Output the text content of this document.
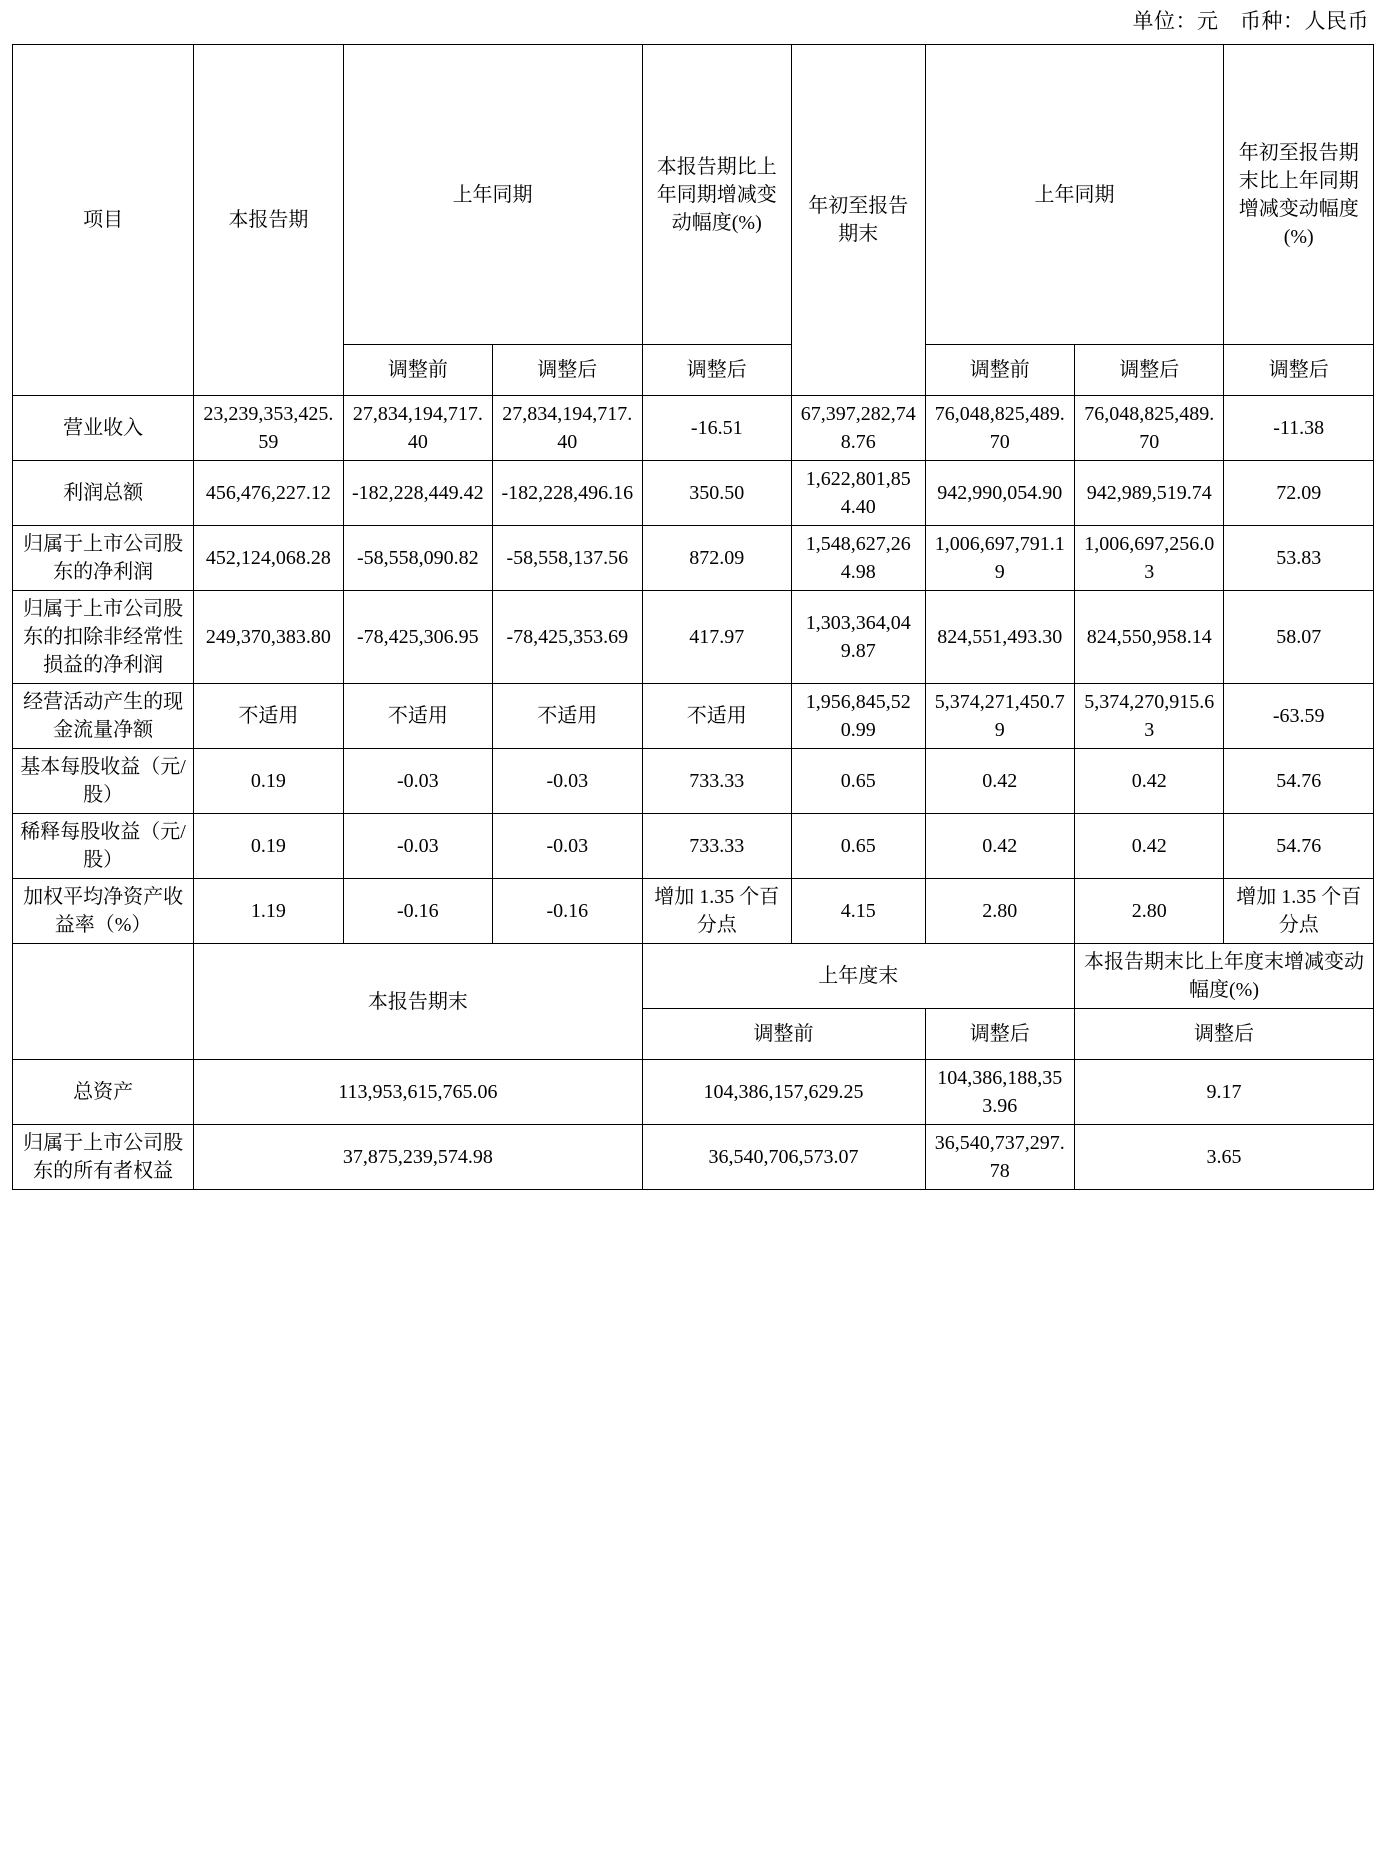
单位：元　币种：人民币
项目	本报告期	上年同期		本报告期比上年同期增减变动幅度(%)	年初至报告期末	上年同期		年初至报告期末比上年同期增减变动幅度(%)
		调整前	调整后	调整后		调整前	调整后	调整后
营业收入	23,239,353,425.59	27,834,194,717.40	27,834,194,717.40	-16.51	67,397,282,748.76	76,048,825,489.70	76,048,825,489.70	-11.38
利润总额	456,476,227.12	-182,228,449.42	-182,228,496.16	350.50	1,622,801,854.40	942,990,054.90	942,989,519.74	72.09
归属于上市公司股东的净利润	452,124,068.28	-58,558,090.82	-58,558,137.56	872.09	1,548,627,264.98	1,006,697,791.19	1,006,697,256.03	53.83
归属于上市公司股东的扣除非经常性损益的净利润	249,370,383.80	-78,425,306.95	-78,425,353.69	417.97	1,303,364,049.87	824,551,493.30	824,550,958.14	58.07
经营活动产生的现金流量净额	不适用	不适用	不适用	不适用	1,956,845,520.99	5,374,271,450.79	5,374,270,915.63	-63.59
基本每股收益（元/股）	0.19	-0.03	-0.03	733.33	0.65	0.42	0.42	54.76
稀释每股收益（元/股）	0.19	-0.03	-0.03	733.33	0.65	0.42	0.42	54.76
加权平均净资产收益率（%）	1.19	-0.16	-0.16	增加 1.35 个百分点	4.15	2.80	2.80	增加 1.35 个百分点
	本报告期末			上年度末			本报告期末比上年度末增减变动幅度(%)	
				调整前		调整后	调整后	
总资产	113,953,615,765.06			104,386,157,629.25		104,386,188,353.96	9.17	
归属于上市公司股东的所有者权益	37,875,239,574.98			36,540,706,573.07		36,540,737,297.78	3.65	
